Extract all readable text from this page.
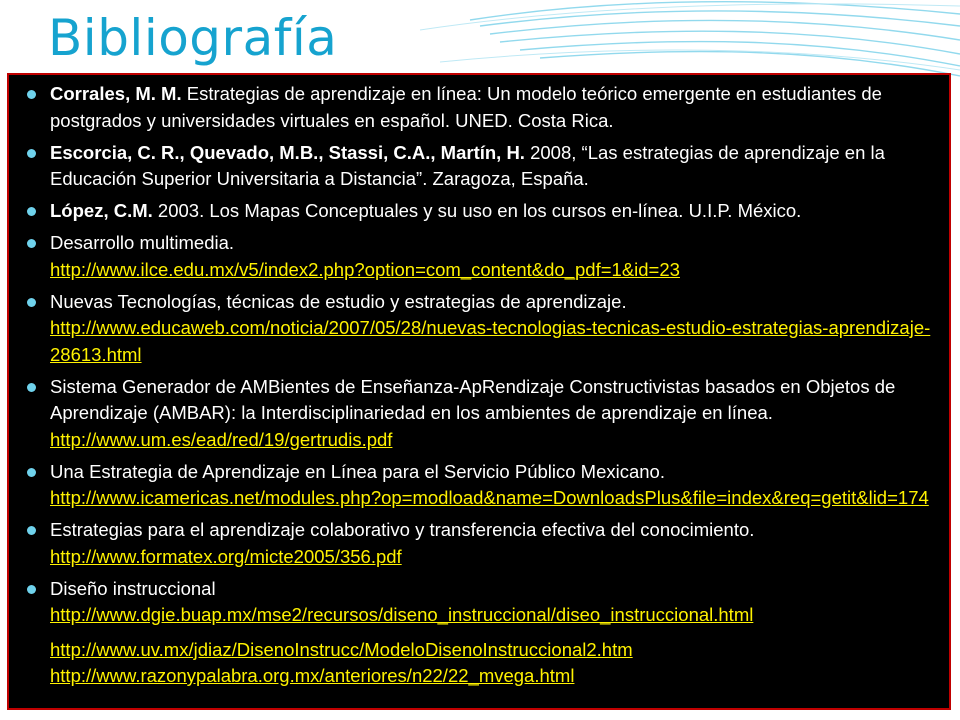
Bibliografía
Corrales, M. M. Estrategias de aprendizaje en línea: Un modelo teórico emergente en estudiantes de postgrados y universidades virtuales en español. UNED. Costa Rica.
Escorcia, C. R., Quevado, M.B., Stassi, C.A., Martín, H. 2008, “Las estrategias de aprendizaje en la Educación Superior Universitaria a Distancia”. Zaragoza, España.
López, C.M. 2003. Los Mapas Conceptuales y su uso en los cursos en-línea. U.I.P. México.
Desarrollo multimedia.
http://www.ilce.edu.mx/v5/index2.php?option=com_content&do_pdf=1&id=23
Nuevas Tecnologías, técnicas de estudio y estrategias de aprendizaje.
http://www.educaweb.com/noticia/2007/05/28/nuevas-tecnologias-tecnicas-estudio-estrategias-aprendizaje-28613.html
Sistema Generador de AMBientes de Enseñanza-ApRendizaje Constructivistas basados en Objetos de Aprendizaje (AMBAR): la Interdisciplinariedad en los ambientes de aprendizaje en línea.http://www.um.es/ead/red/19/gertrudis.pdf
Una Estrategia de Aprendizaje en Línea para el Servicio Público Mexicano.
http://www.icamericas.net/modules.php?op=modload&name=DownloadsPlus&file=index&req=getit&lid=174
Estrategias para el aprendizaje colaborativo y transferencia efectiva del conocimiento.
http://www.formatex.org/micte2005/356.pdf
Diseño instruccional
http://www.dgie.buap.mx/mse2/recursos/diseno_instruccional/diseo_instruccional.html
http://www.uv.mx/jdiaz/DisenoInstrucc/ModeloDisenoInstruccional2.htm
http://www.razonypalabra.org.mx/anteriores/n22/22_mvega.html
